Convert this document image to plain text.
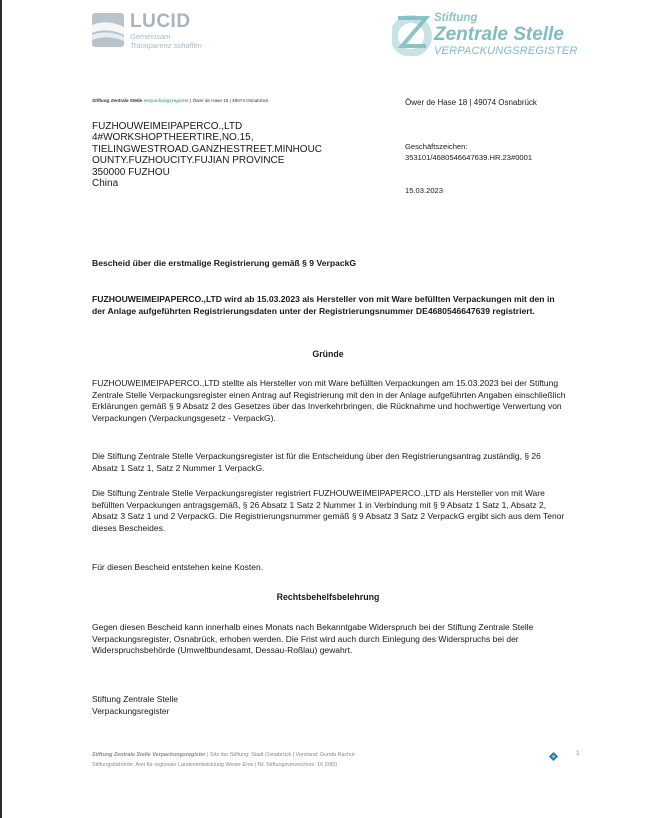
LUCID
Gemeinsam
Transparenz schaffen
Stiftung
Zentrale Stelle
VERPACKUNGSREGISTER
Stiftung Zentrale Stelle Verpackungsregister | Öwer de Hase 18 | 49074 Osnabrück
FUZHOUWEIMEIPAPERCO.,LTD
4#WORKSHOPTHEERTIRE,NO.15,
TIELINGWESTROAD.GANZHESTREET.MINHOUC
OUNTY.FUZHOUCITY.FUJIAN PROVINCE
350000 FUZHOU
China
Öwer de Hase 18 | 49074 Osnabrück
Geschäftszeichen:
353101/4680546647639.HR.23#0001
15.03.2023
Bescheid über die erstmalige Registrierung gemäß § 9 VerpackG
FUZHOUWEIMEIPAPERCO.,LTD wird ab 15.03.2023 als Hersteller von mit Ware befüllten Verpackungen mit den in der Anlage aufgeführten Registrierungsdaten unter der Registrierungsnummer DE4680546647639 registriert.
Gründe
FUZHOUWEIMEIPAPERCO.,LTD stellte als Hersteller von mit Ware befüllten Verpackungen am 15.03.2023 bei der Stiftung Zentrale Stelle Verpackungsregister einen Antrag auf Registrierung mit den in der Anlage aufgeführten Angaben einschließlich Erklärungen gemäß § 9 Absatz 2 des Gesetzes über das Inverkehrbringen, die Rücknahme und hochwertige Verwertung von Verpackungen (Verpackungsgesetz - VerpackG).
Die Stiftung Zentrale Stelle Verpackungsregister ist für die Entscheidung über den Registrierungsantrag zuständig, § 26 Absatz 1 Satz 1, Satz 2 Nummer 1 VerpackG.
Die Stiftung Zentrale Stelle Verpackungsregister registriert FUZHOUWEIMEIPAPERCO.,LTD als Hersteller von mit Ware befüllten Verpackungen antragsgemäß, § 26 Absatz 1 Satz 2 Nummer 1 in Verbindung mit § 9 Absatz 1 Satz 1, Absatz 2, Absatz 3 Satz 1 und 2 VerpackG. Die Registrierungsnummer gemäß § 9 Absatz 3 Satz 2 VerpackG ergibt sich aus dem Tenor dieses Bescheides.
Für diesen Bescheid entstehen keine Kosten.
Rechtsbehelfsbelehrung
Gegen diesen Bescheid kann innerhalb eines Monats nach Bekanntgabe Widerspruch bei der Stiftung Zentrale Stelle Verpackungsregister, Osnabrück, erhoben werden. Die Frist wird auch durch Einlegung des Widerspruchs bei der Widerspruchsbehörde (Umweltbundesamt, Dessau-Roßlau) gewahrt.
Stiftung Zentrale Stelle
Verpackungsregister
Stiftung Zentrale Stelle Verpackungsregister | Sitz der Stiftung: Stadt Osnabrück | Vorstand: Gunda Rachut
Stiftungsbehörde: Amt für regionale Landesentwicklung Weser-Ems | Nr. Stiftungsverzeichnis: 16 (085)
1
